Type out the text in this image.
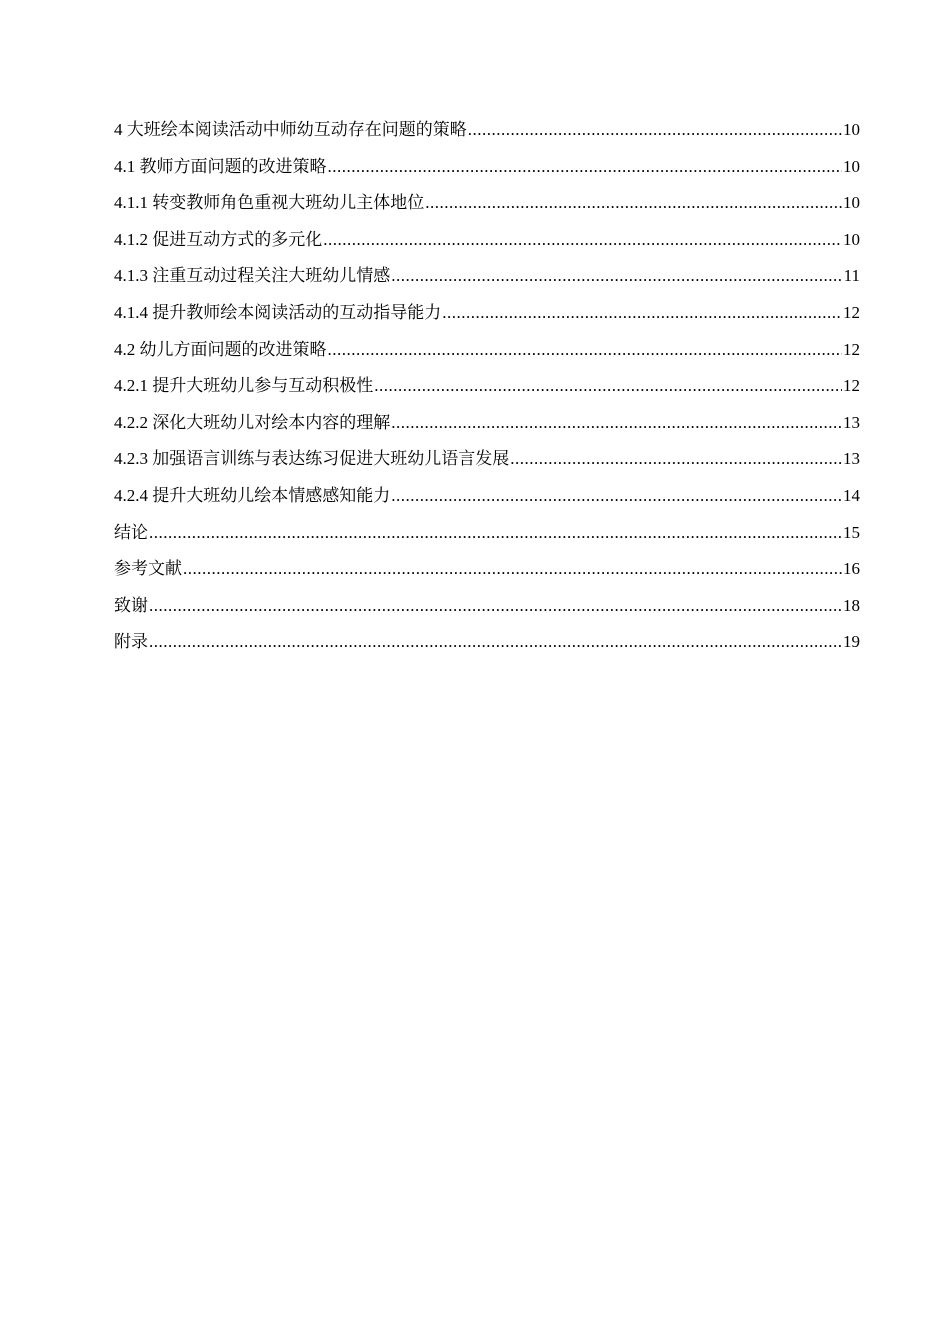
4 大班绘本阅读活动中师幼互动存在问题的策略 .....	10
4.1 教师方面问题的改进策略 .....	10
4.1.1 转变教师角色重视大班幼儿主体地位 .....	10
4.1.2 促进互动方式的多元化 .....	10
4.1.3 注重互动过程关注大班幼儿情感 .....	11
4.1.4 提升教师绘本阅读活动的互动指导能力 .....	12
4.2 幼儿方面问题的改进策略 .....	12
4.2.1 提升大班幼儿参与互动积极性 .....	12
4.2.2 深化大班幼儿对绘本内容的理解 .....	13
4.2.3 加强语言训练与表达练习促进大班幼儿语言发展 .....	13
4.2.4 提升大班幼儿绘本情感感知能力 .....	14
结论 .....	15
参考文献 .....	16
致谢 .....	18
附录 .....	19
